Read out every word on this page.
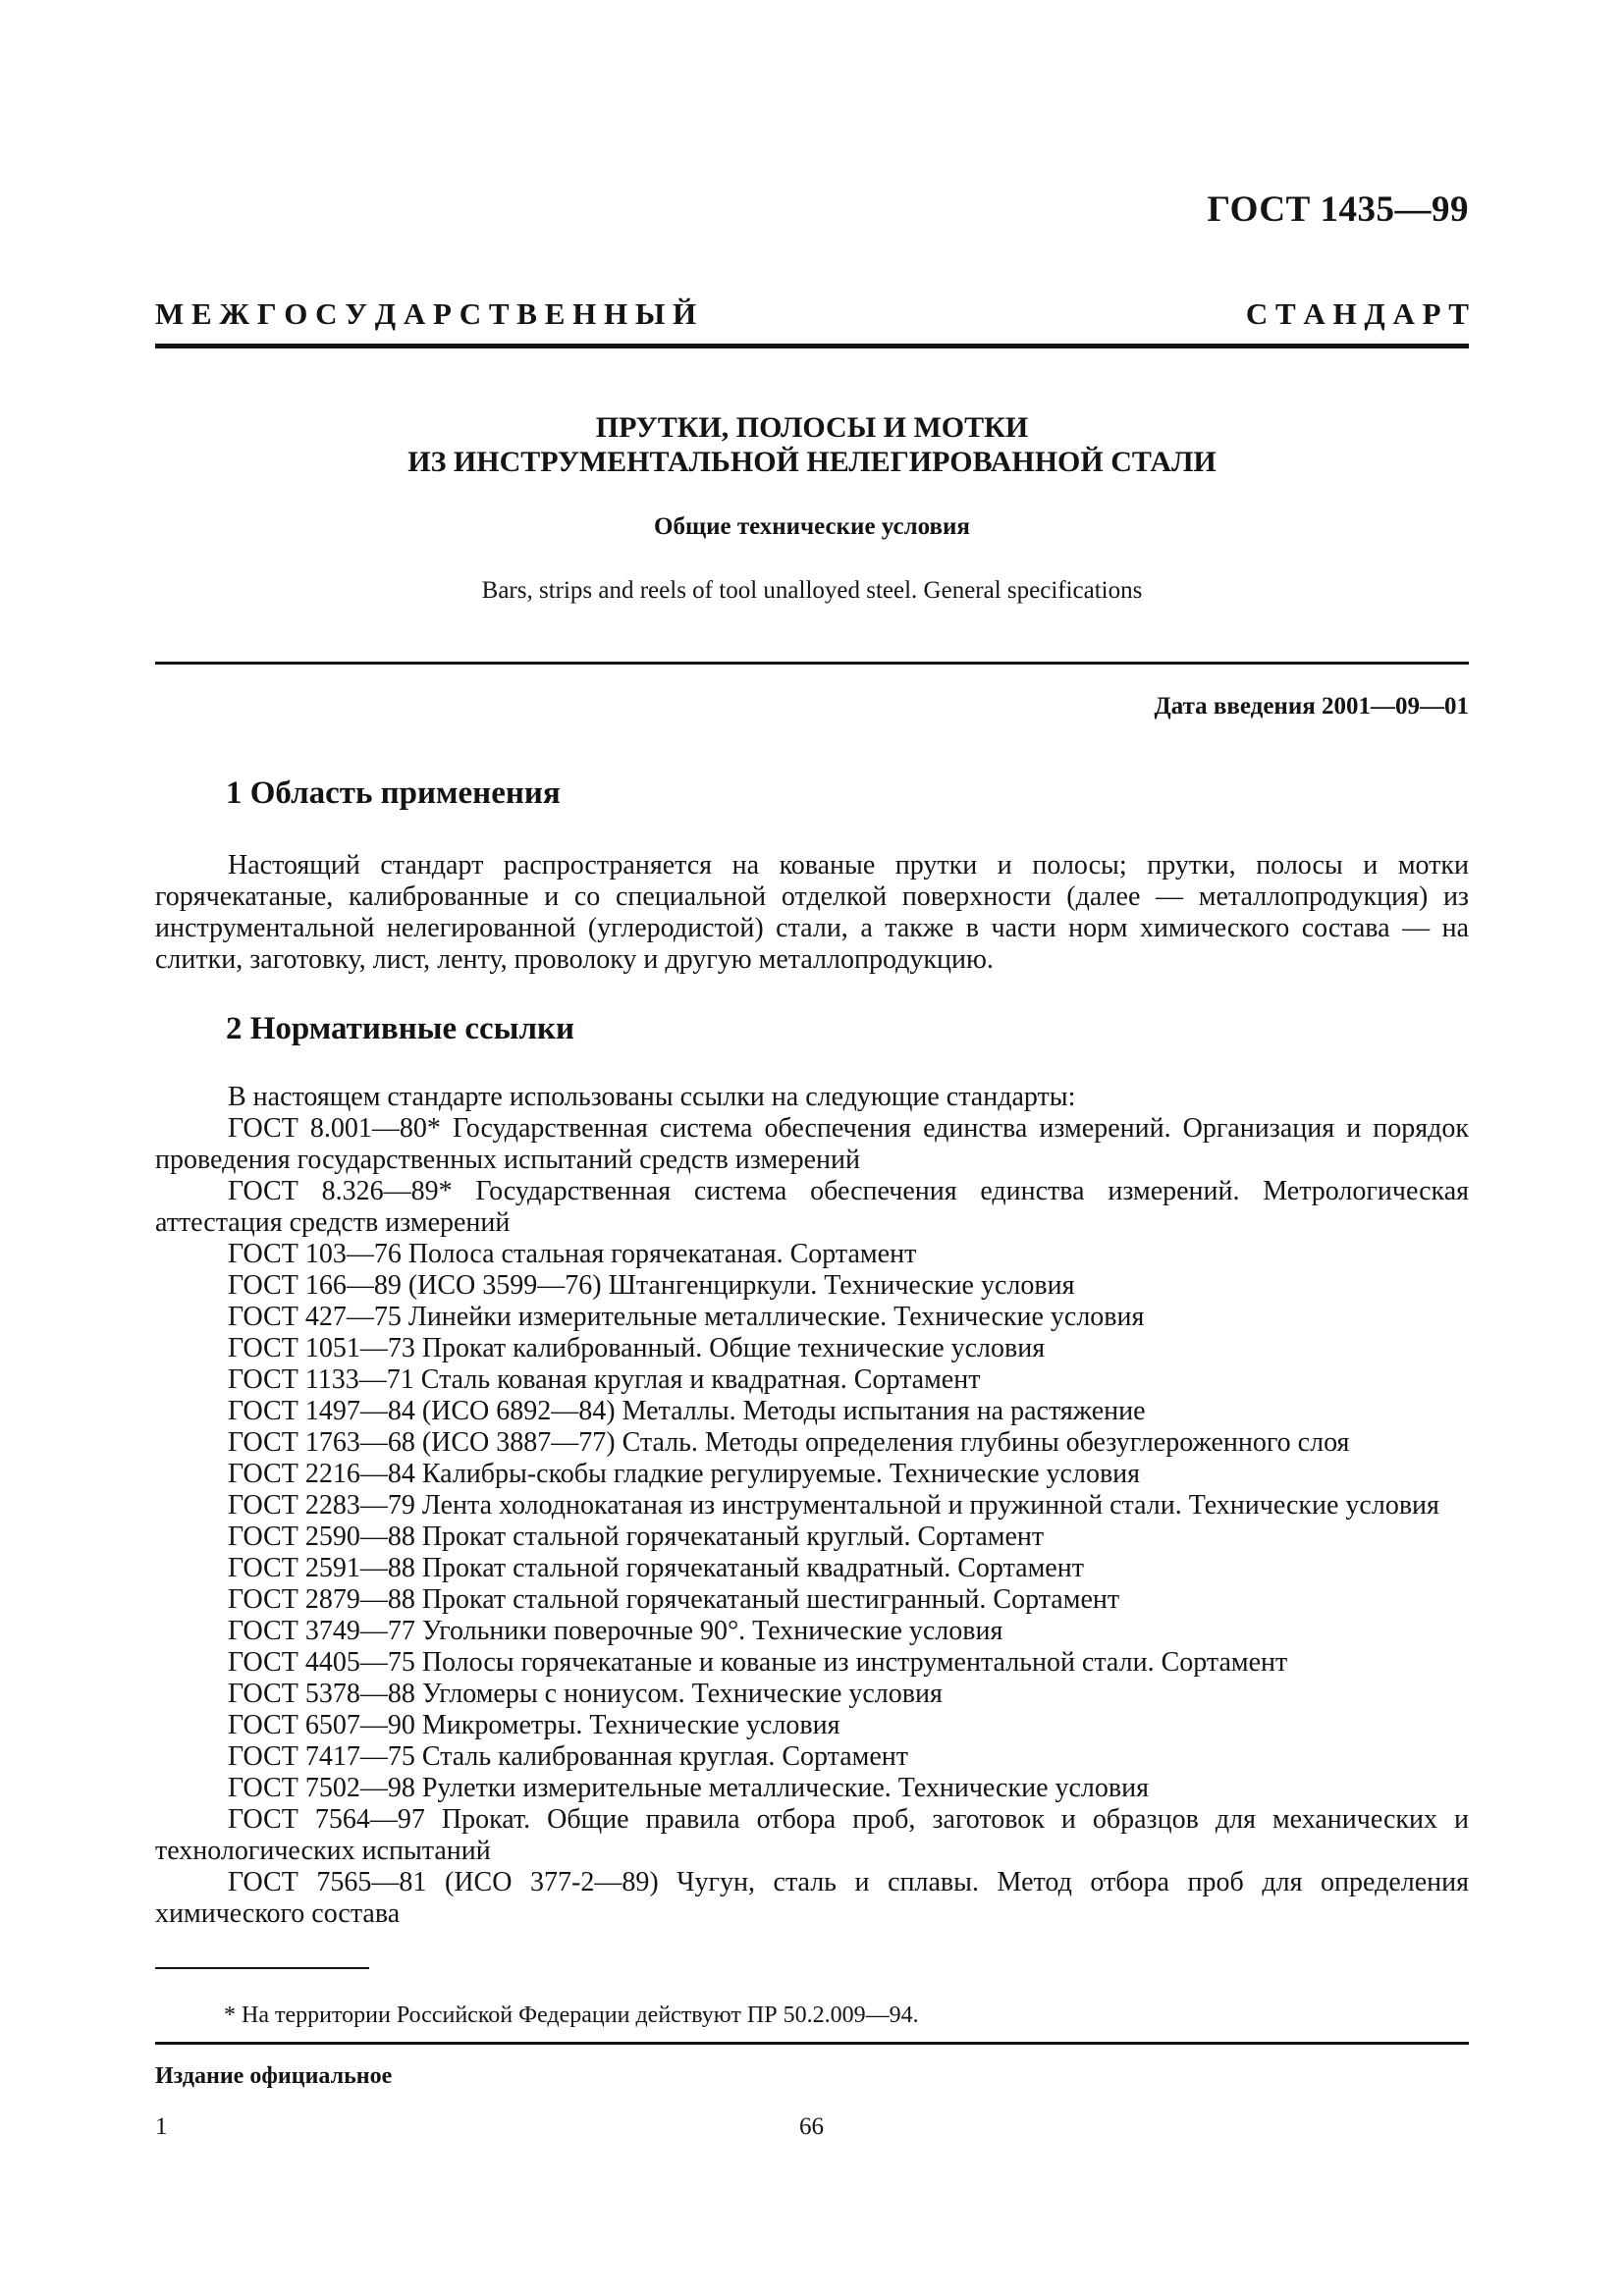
ГОСТ 1435—99
М Е Ж Г О С У Д А Р С Т В Е Н Н Ы Й	С Т А Н Д А Р Т
ПРУТКИ, ПОЛОСЫ И МОТКИ
ИЗ ИНСТРУМЕНТАЛЬНОЙ НЕЛЕГИРОВАННОЙ СТАЛИ
Общие технические условия
Bars, strips and reels of tool unalloyed steel. General specifications
Дата введения 2001—09—01
1 Область применения

Настоящий стандарт распространяется на кованые прутки и полосы; прутки, полосы и мотки горячекатаные, калиброванные и со специальной отделкой поверхности (далее — металлопродукция) из инструментальной нелегированной (углеродистой) стали, а также в части норм химического состава — на слитки, заготовку, лист, ленту, проволоку и другую металлопродукцию.

2 Нормативные ссылки

В настоящем стандарте использованы ссылки на следующие стандарты:

ГОСТ 8.001—80* Государственная система обеспечения единства измерений. Организация и порядок проведения государственных испытаний средств измерений

ГОСТ 8.326—89* Государственная система обеспечения единства измерений. Метрологическая аттестация средств измерений

ГОСТ 103—76 Полоса стальная горячекатаная. Сортамент

ГОСТ 166—89 (ИСО 3599—76) Штангенциркули. Технические условия

ГОСТ 427—75 Линейки измерительные металлические. Технические условия

ГОСТ 1051—73 Прокат калиброванный. Общие технические условия

ГОСТ 1133—71 Сталь кованая круглая и квадратная. Сортамент

ГОСТ 1497—84 (ИСО 6892—84) Металлы. Методы испытания на растяжение

ГОСТ 1763—68 (ИСО 3887—77) Сталь. Методы определения глубины обезуглероженного слоя

ГОСТ 2216—84 Калибры-скобы гладкие регулируемые. Технические условия

ГОСТ 2283—79 Лента холоднокатаная из инструментальной и пружинной стали. Технические условия

ГОСТ 2590—88 Прокат стальной горячекатаный круглый. Сортамент

ГОСТ 2591—88 Прокат стальной горячекатаный квадратный. Сортамент

ГОСТ 2879—88 Прокат стальной горячекатаный шестигранный. Сортамент

ГОСТ 3749—77 Угольники поверочные 90°. Технические условия

ГОСТ 4405—75 Полосы горячекатаные и кованые из инструментальной стали. Сортамент

ГОСТ 5378—88 Угломеры с нониусом. Технические условия

ГОСТ 6507—90 Микрометры. Технические условия

ГОСТ 7417—75 Сталь калиброванная круглая. Сортамент

ГОСТ 7502—98 Рулетки измерительные металлические. Технические условия

ГОСТ 7564—97 Прокат. Общие правила отбора проб, заготовок и образцов для механических и технологических испытаний

ГОСТ 7565—81 (ИСО 377-2—89) Чугун, сталь и сплавы. Метод отбора проб для определения химического состава

* На территории Российской Федерации действуют ПР 50.2.009—94.
Издание официальное
1	66
